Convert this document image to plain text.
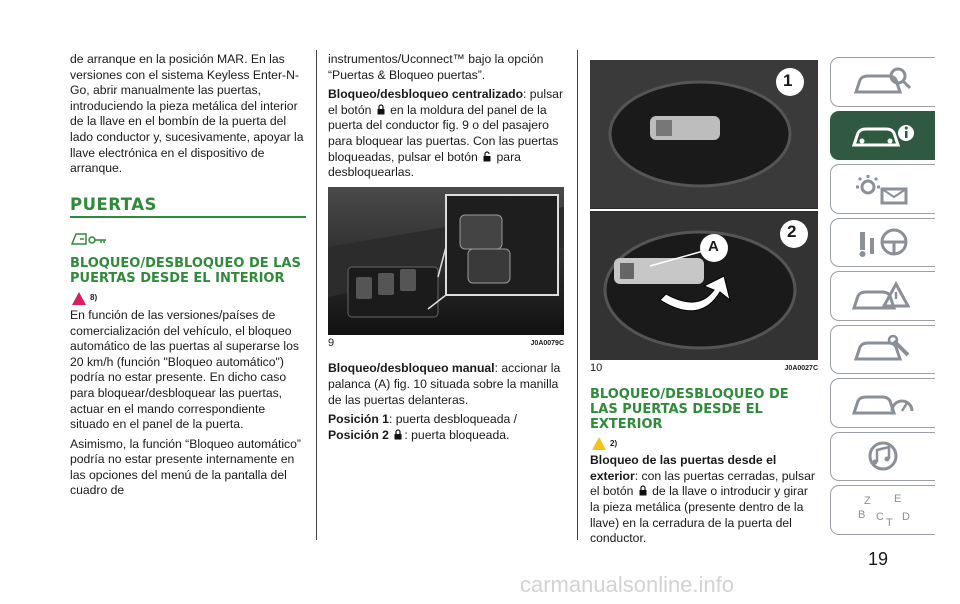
de arranque en la posición MAR. En las versiones con el sistema Keyless Enter-N-Go, abrir manualmente las puertas, introduciendo la pieza metálica del interior de la llave en el bombín de la puerta del lado conductor y, sucesivamente, apoyar la llave electrónica en el dispositivo de arranque.

PUERTAS
BLOQUEO/DESBLOQUEO DE LAS PUERTAS DESDE EL INTERIOR
8)

En función de las versiones/países de comercialización del vehículo, el bloqueo automático de las puertas al superarse los 20 km/h (función "Bloqueo automático") podría no estar presente. En dicho caso para bloquear/desbloquear las puertas, actuar en el mando correspondiente situado en el panel de la puerta.

Asimismo, la función “Bloqueo automático” podría no estar presente internamente en las opciones del menú de la pantalla del cuadro de

instrumentos/Uconnect™ bajo la opción “Puertas & Bloqueo puertas”.

Bloqueo/desbloqueo centralizado: pulsar el botón en la moldura del panel de la puerta del conductor fig. 9 o del pasajero para bloquear las puertas. Con las puertas bloqueadas, pulsar el botón para desbloquearlas.

9	J0A0079C

Bloqueo/desbloqueo manual: accionar la palanca (A) fig. 10 situada sobre la manilla de las puertas delanteras.

Posición 1: puerta desbloqueada /
Posición 2 : puerta bloqueada.

1
A
2
10	J0A0027C
BLOQUEO/DESBLOQUEO DE LAS PUERTAS DESDE EL EXTERIOR
2)

Bloqueo de las puertas desde el exterior: con las puertas cerradas, pulsar el botón de la llave o introducir y girar la pieza metálica (presente dentro de la llave) en la cerradura de la puerta del conductor.

Z E
B C T D
19
carmanualsonline.info
